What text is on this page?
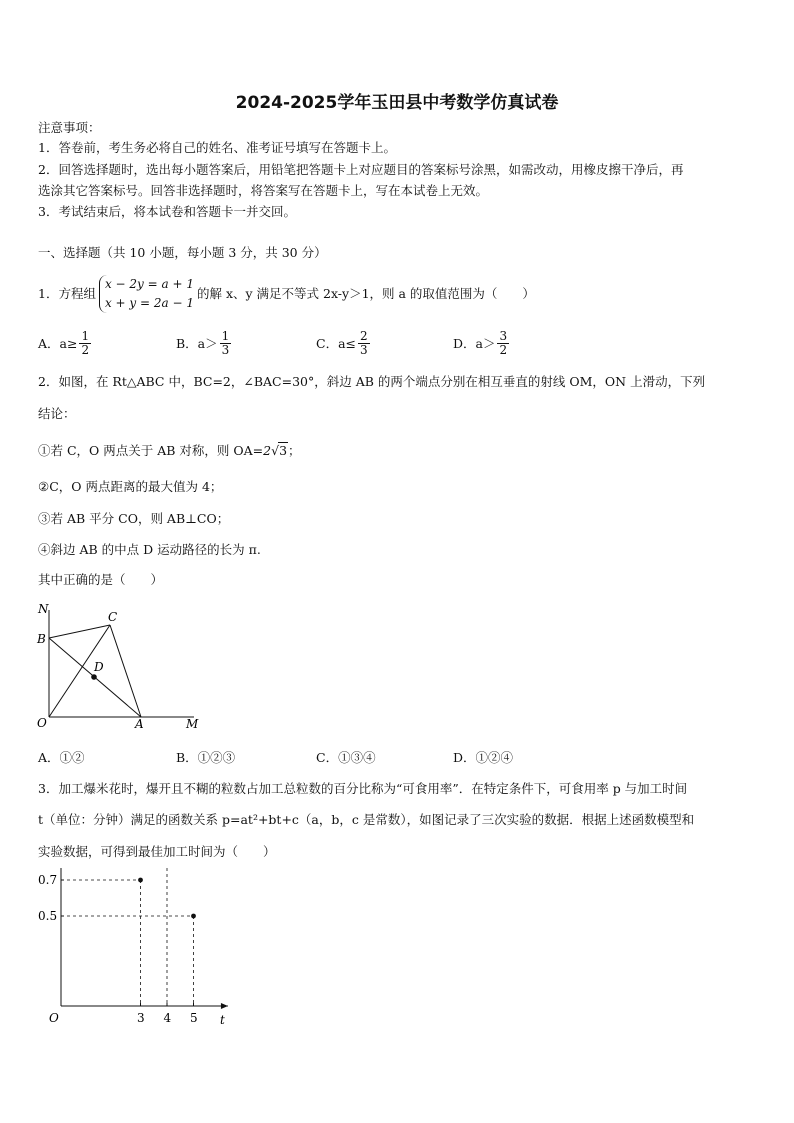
2024-2025学年玉田县中考数学仿真试卷
注意事项：
1．答卷前，考生务必将自己的姓名、准考证号填写在答题卡上。
2．回答选择题时，选出每小题答案后，用铅笔把答题卡上对应题目的答案标号涂黑，如需改动，用橡皮擦干净后，再
选涂其它答案标号。回答非选择题时，将答案写在答题卡上，写在本试卷上无效。
3．考试结束后，将本试卷和答题卡一并交回。
一、选择题（共 10 小题，每小题 3 分，共 30 分）
1．方程组
x − 2y = a + 1
x + y = 2a − 1
的解 x、y 满足不等式 2x-y＞1，则 a 的取值范围为（　　）
A．$a\ge \frac{1}{2}$	B．$a> \frac{1}{3}$	C．$a\le \frac{2}{3}$	D．$a> \frac{3}{2}$
2．如图，在 Rt△ABC 中，BC=2，∠BAC=30°，斜边 AB 的两个端点分别在相互垂直的射线 OM，ON 上滑动，下列
结论：
①若 C，O 两点关于 AB 对称，则 OA=2√3；
②C，O 两点距离的最大值为 4；
③若 AB 平分 CO，则 AB⊥CO；
④斜边 AB 的中点 D 运动路径的长为 π.
其中正确的是（　　）
N
B
C
D
O	A	M
A．①②	B．①②③	C．①③④	D．①②④
3．加工爆米花时，爆开且不糊的粒数占加工总粒数的百分比称为“可食用率”．在特定条件下，可食用率 p 与加工时间
t（单位：分钟）满足的函数关系 p=at²+bt+c（a，b，c 是常数），如图记录了三次实验的数据．根据上述函数模型和
实验数据，可得到最佳加工时间为（　　）
t
O	3 4 5
0.5
0.7
